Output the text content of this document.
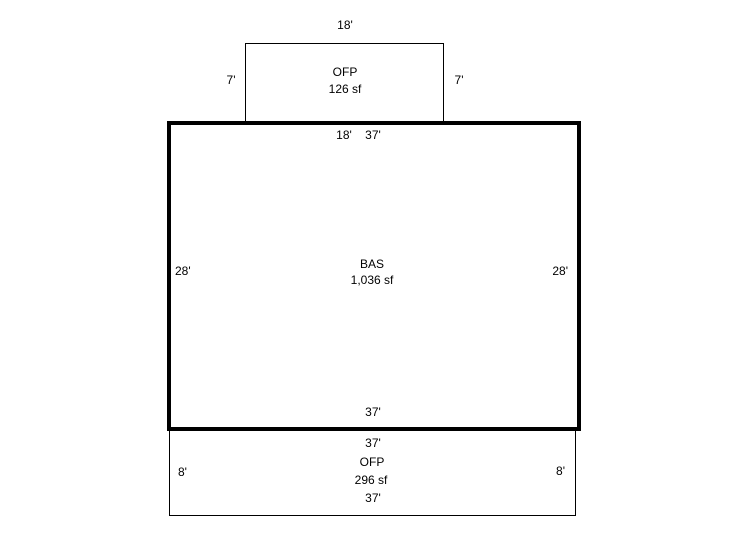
18'
7'	7'
OFP
126 sf
18' 37'
28'	28'
BAS
1,036 sf
37'
37'
OFP
296 sf
37'
8'	8'
